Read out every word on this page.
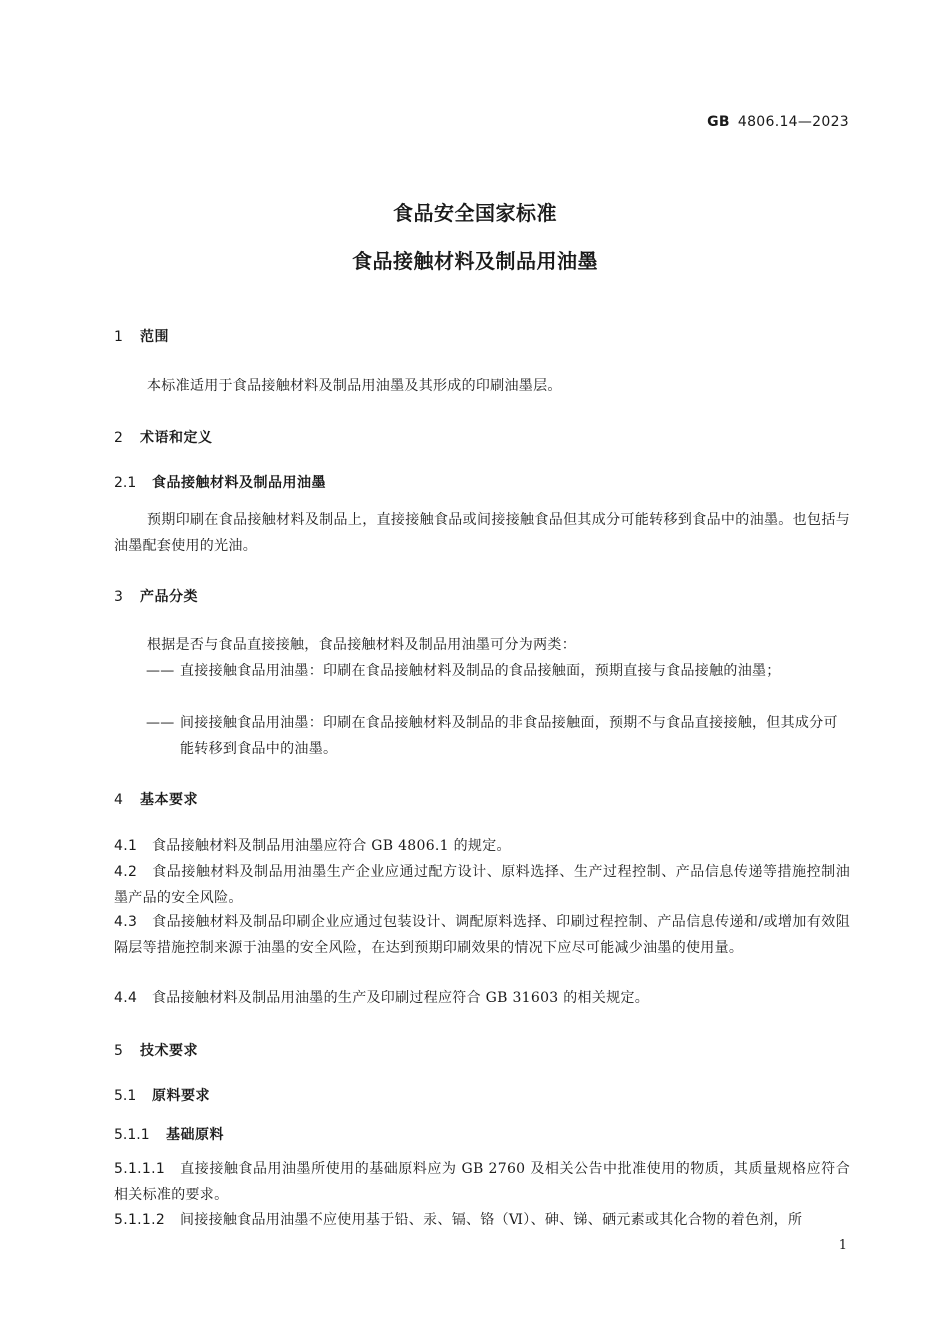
GB 4806.14—2023
食品安全国家标准
食品接触材料及制品用油墨
1 范围
本标准适用于食品接触材料及制品用油墨及其形成的印刷油墨层。
2 术语和定义
2.1 食品接触材料及制品用油墨
预期印刷在食品接触材料及制品上，直接接触食品或间接接触食品但其成分可能转移到食品中的油墨。也包括与油墨配套使用的光油。
3 产品分类
根据是否与食品直接接触，食品接触材料及制品用油墨可分为两类：
—— 直接接触食品用油墨：印刷在食品接触材料及制品的食品接触面，预期直接与食品接触的油墨；
—— 间接接触食品用油墨：印刷在食品接触材料及制品的非食品接触面，预期不与食品直接接触，但其成分可能转移到食品中的油墨。
4 基本要求
4.1 食品接触材料及制品用油墨应符合 GB 4806.1 的规定。
4.2 食品接触材料及制品用油墨生产企业应通过配方设计、原料选择、生产过程控制、产品信息传递等措施控制油墨产品的安全风险。
4.3 食品接触材料及制品印刷企业应通过包装设计、调配原料选择、印刷过程控制、产品信息传递和/或增加有效阻隔层等措施控制来源于油墨的安全风险，在达到预期印刷效果的情况下应尽可能减少油墨的使用量。
4.4 食品接触材料及制品用油墨的生产及印刷过程应符合 GB 31603 的相关规定。
5 技术要求
5.1 原料要求
5.1.1 基础原料
5.1.1.1 直接接触食品用油墨所使用的基础原料应为 GB 2760 及相关公告中批准使用的物质，其质量规格应符合相关标准的要求。
5.1.1.2 间接接触食品用油墨不应使用基于铅、汞、镉、铬（Ⅵ）、砷、锑、硒元素或其化合物的着色剂，所
1
